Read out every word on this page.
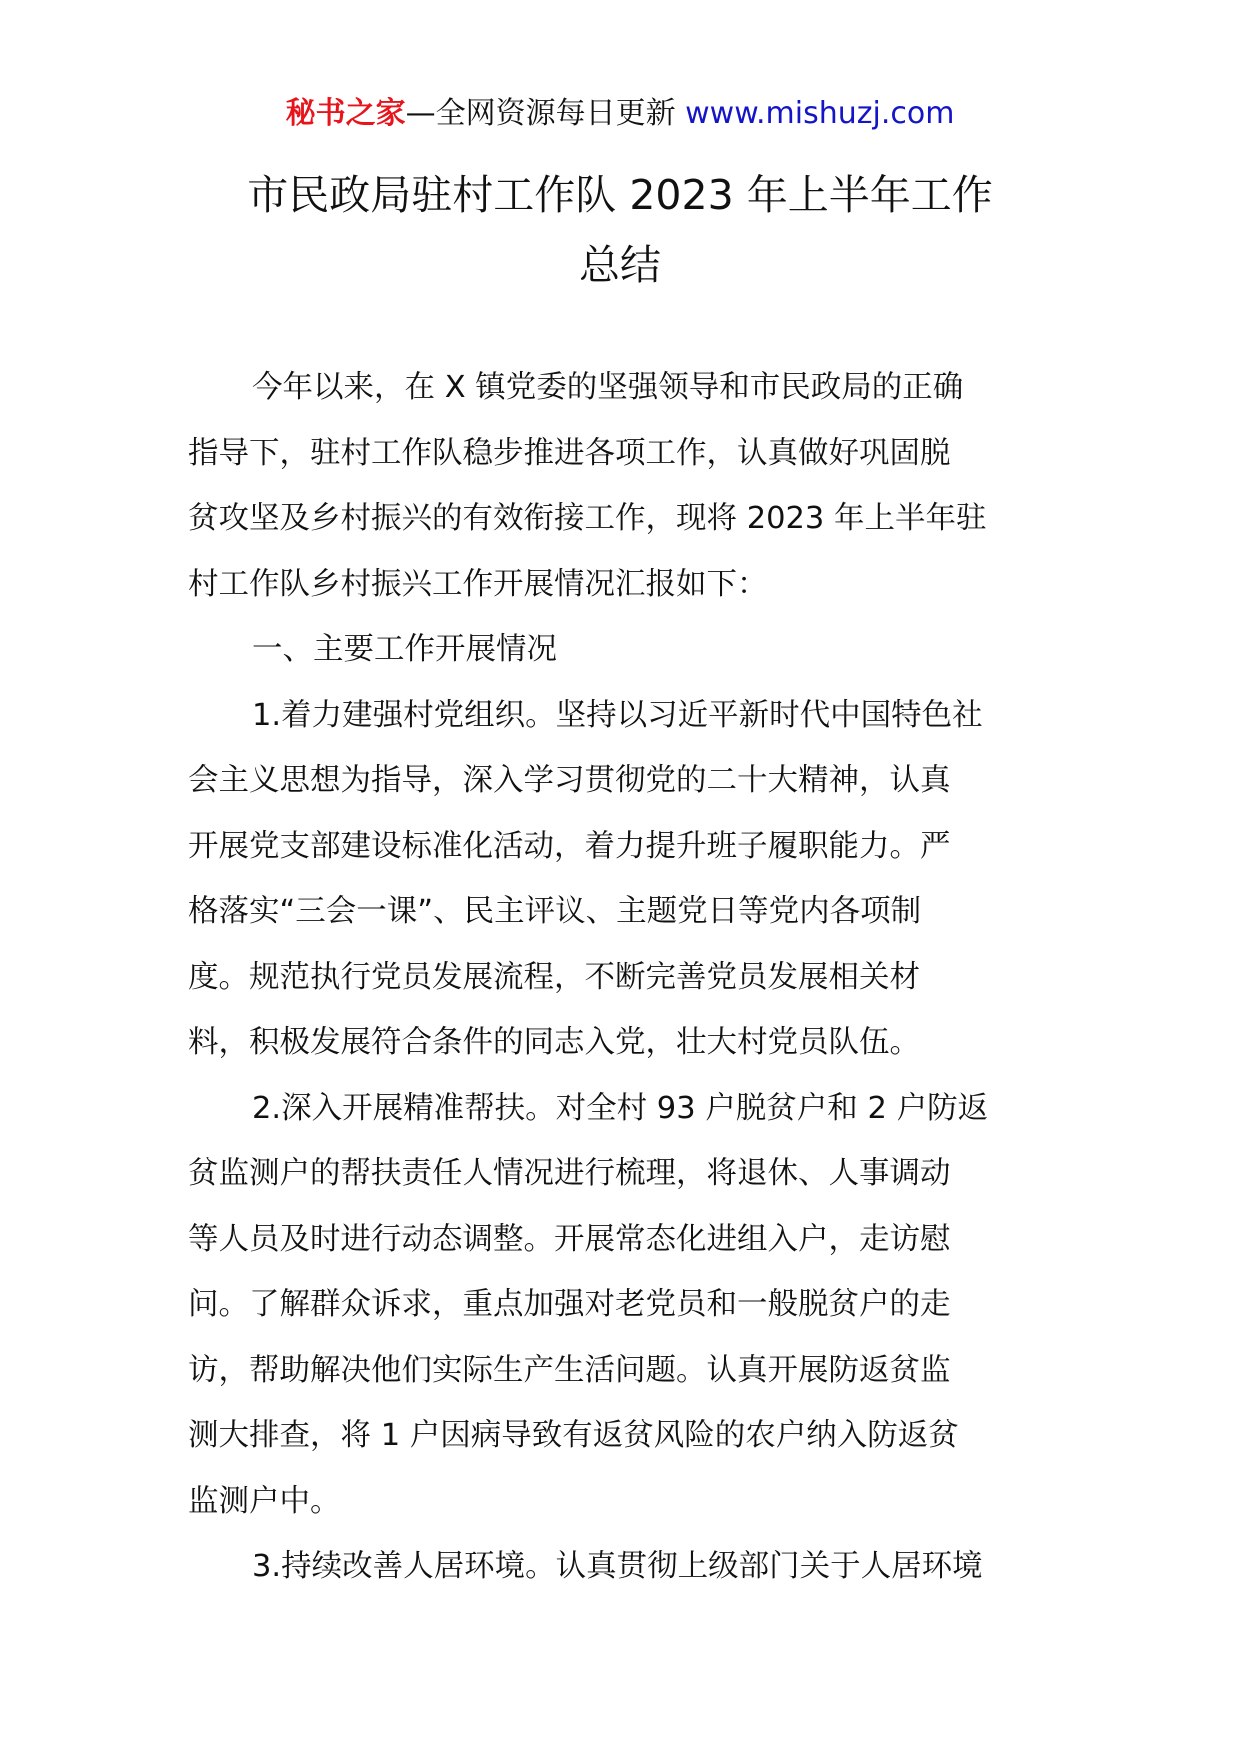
秘书之家—全网资源每日更新 www.mishuzj.com
市民政局驻村工作队 2023 年上半年工作
总结
今年以来，在 X 镇党委的坚强领导和市民政局的正确
指导下，驻村工作队稳步推进各项工作，认真做好巩固脱
贫攻坚及乡村振兴的有效衔接工作，现将 2023 年上半年驻
村工作队乡村振兴工作开展情况汇报如下：
一、主要工作开展情况
1.着力建强村党组织。坚持以习近平新时代中国特色社
会主义思想为指导，深入学习贯彻党的二十大精神，认真
开展党支部建设标准化活动，着力提升班子履职能力。严
格落实“三会一课”、民主评议、主题党日等党内各项制
度。规范执行党员发展流程，不断完善党员发展相关材
料，积极发展符合条件的同志入党，壮大村党员队伍。
2.深入开展精准帮扶。对全村 93 户脱贫户和 2 户防返
贫监测户的帮扶责任人情况进行梳理，将退休、人事调动
等人员及时进行动态调整。开展常态化进组入户，走访慰
问。了解群众诉求，重点加强对老党员和一般脱贫户的走
访，帮助解决他们实际生产生活问题。认真开展防返贫监
测大排查，将 1 户因病导致有返贫风险的农户纳入防返贫
监测户中。
3.持续改善人居环境。认真贯彻上级部门关于人居环境
